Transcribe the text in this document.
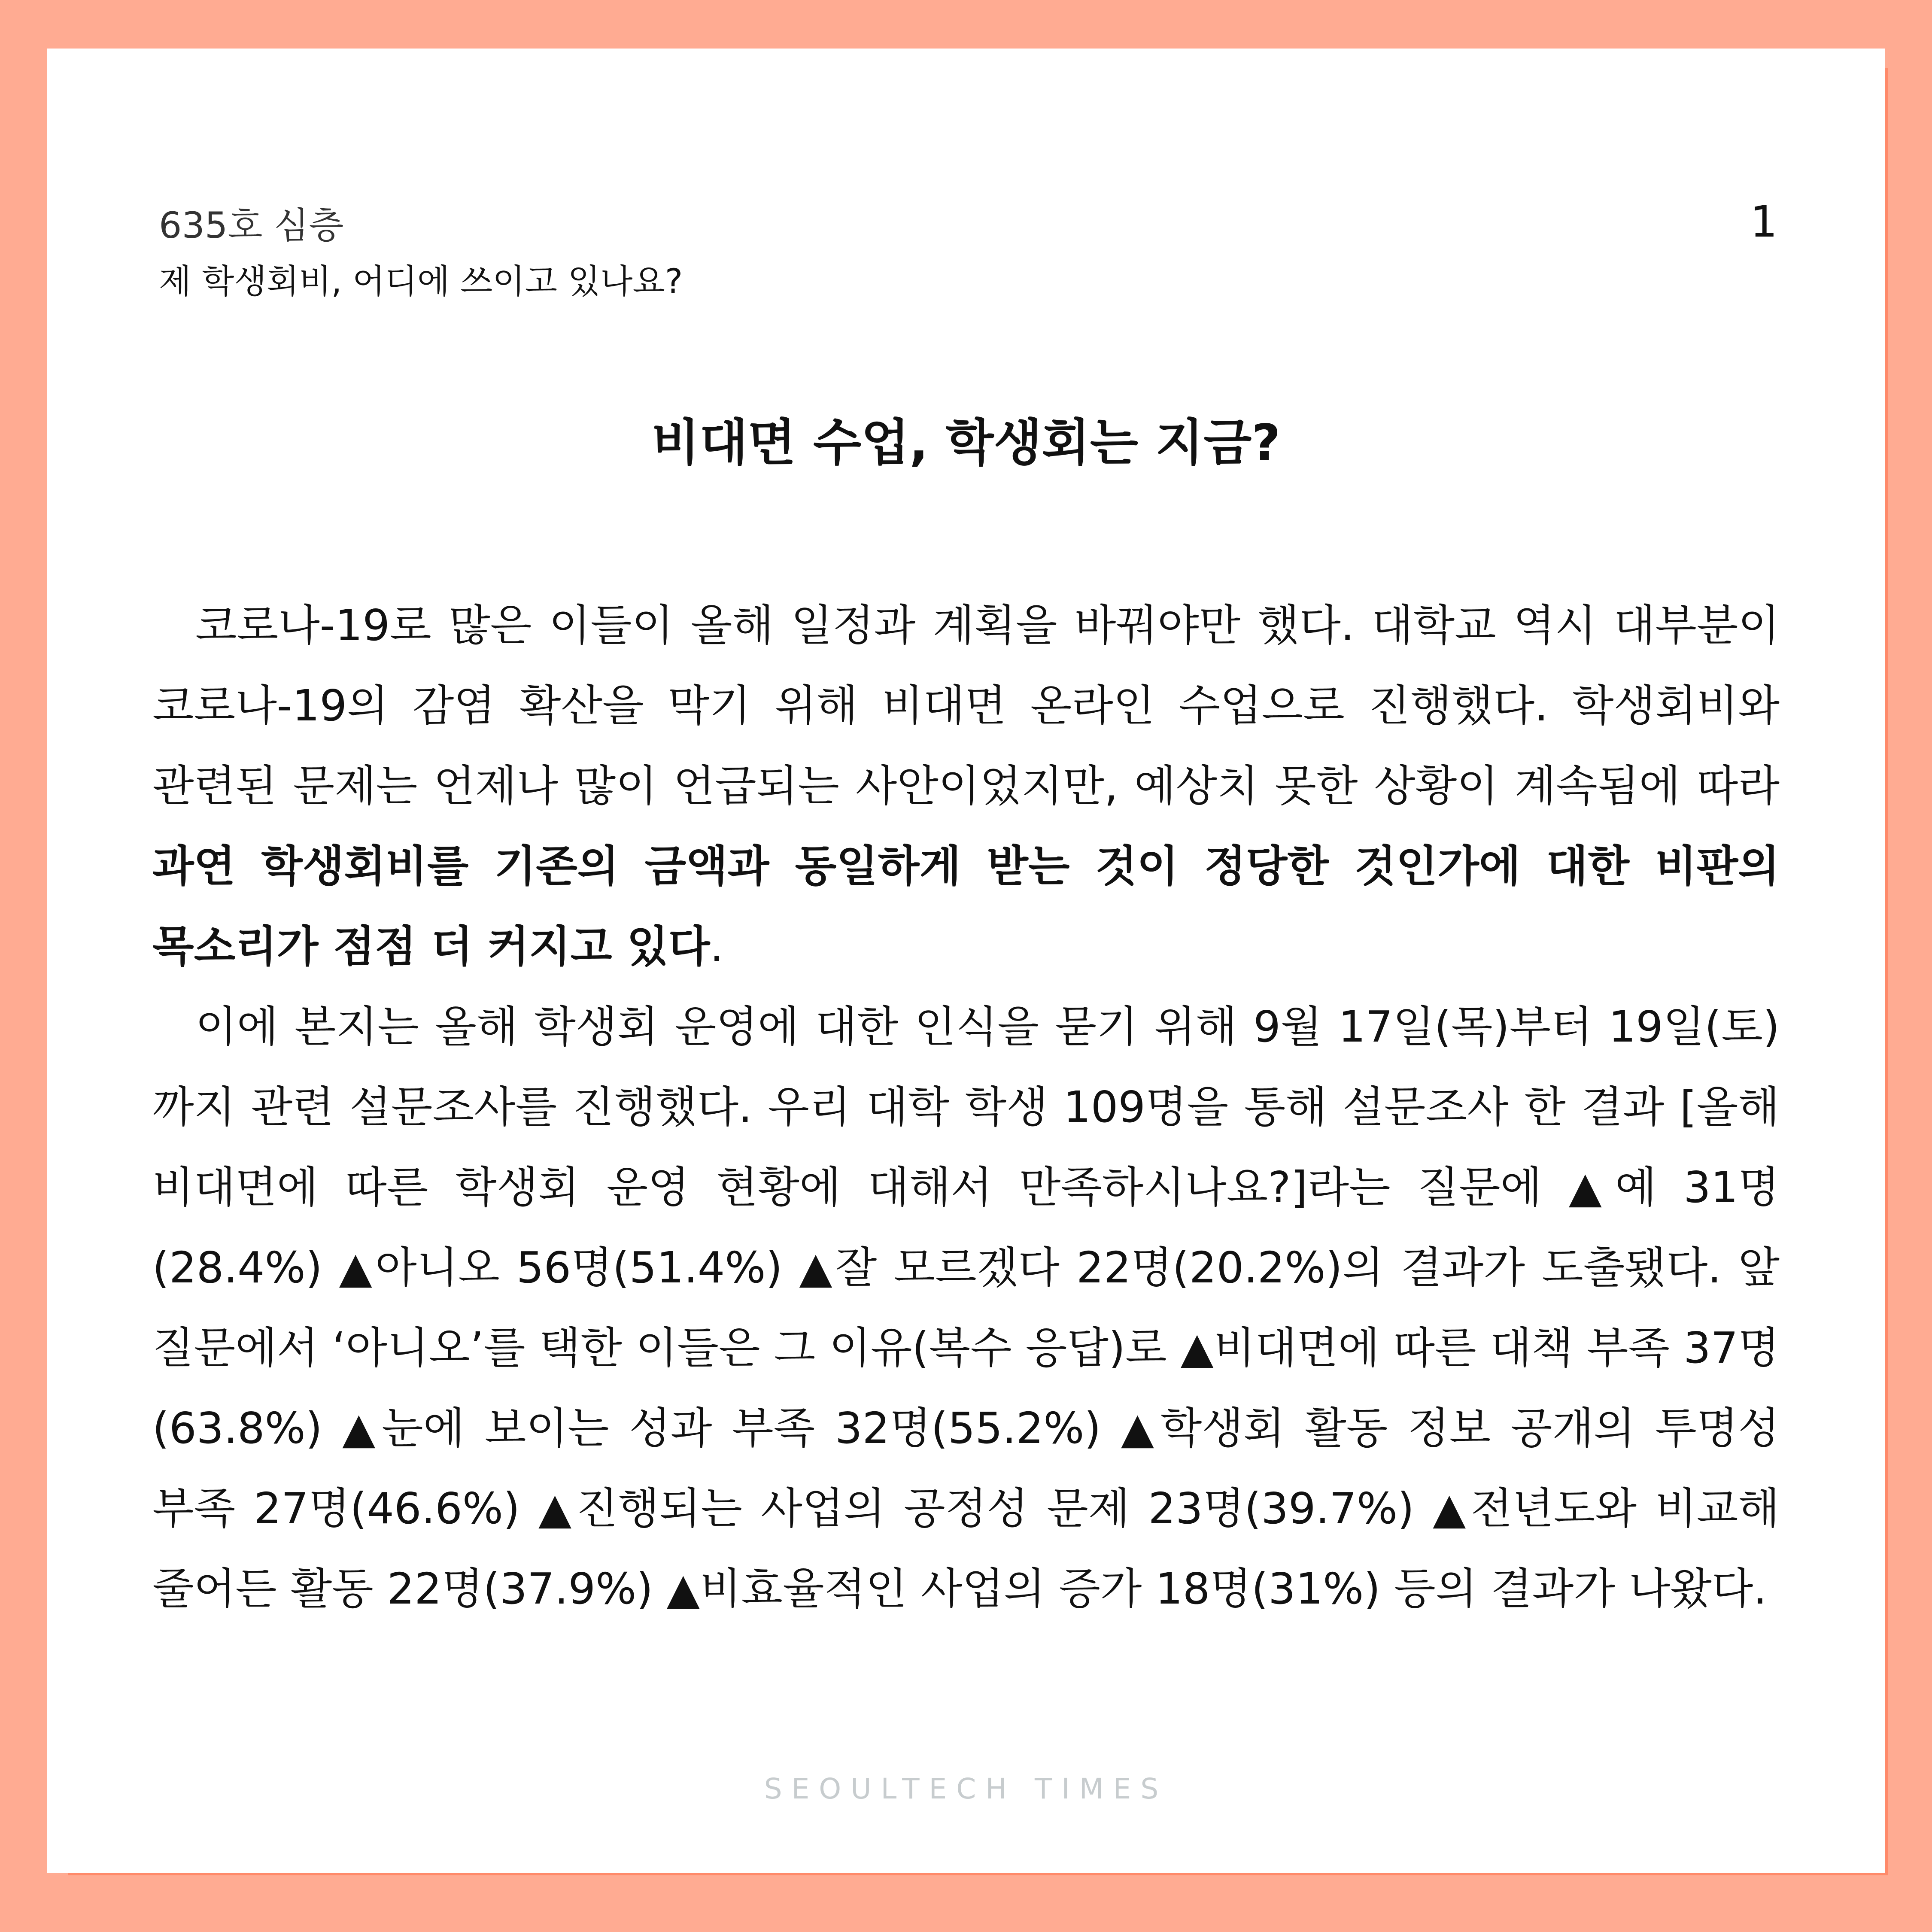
635호 심층
제 학생회비, 어디에 쓰이고 있나요?
1
비대면 수업, 학생회는 지금?

코로나-19로 많은 이들이 올해 일정과 계획을 바꿔야만 했다. 대학교 역시 대부분이 코로나-19의 감염 확산을 막기 위해 비대면 온라인 수업으로 진행했다. 학생회비와 관련된 문제는 언제나 많이 언급되는 사안이었지만, 예상치 못한 상황이 계속됨에 따라 과연 학생회비를 기존의 금액과 동일하게 받는 것이 정당한 것인가에 대한 비판의 목소리가 점점 더 커지고 있다.

이에 본지는 올해 학생회 운영에 대한 인식을 묻기 위해 9월 17일(목)부터 19일(토)까지 관련 설문조사를 진행했다. 우리 대학 학생 109명을 통해 설문조사 한 결과 [올해 비대면에 따른 학생회 운영 현황에 대해서 만족하시나요?]라는 질문에 ▲예 31명(28.4%) ▲아니오 56명(51.4%) ▲잘 모르겠다 22명(20.2%)의 결과가 도출됐다. 앞 질문에서 ‘아니오’를 택한 이들은 그 이유(복수 응답)로 ▲비대면에 따른 대책 부족 37명(63.8%) ▲눈에 보이는 성과 부족 32명(55.2%) ▲학생회 활동 정보 공개의 투명성 부족 27명(46.6%) ▲진행되는 사업의 공정성 문제 23명(39.7%) ▲전년도와 비교해 줄어든 활동 22명(37.9%) ▲비효율적인 사업의 증가 18명(31%) 등의 결과가 나왔다.

SEOULTECH TIMES
